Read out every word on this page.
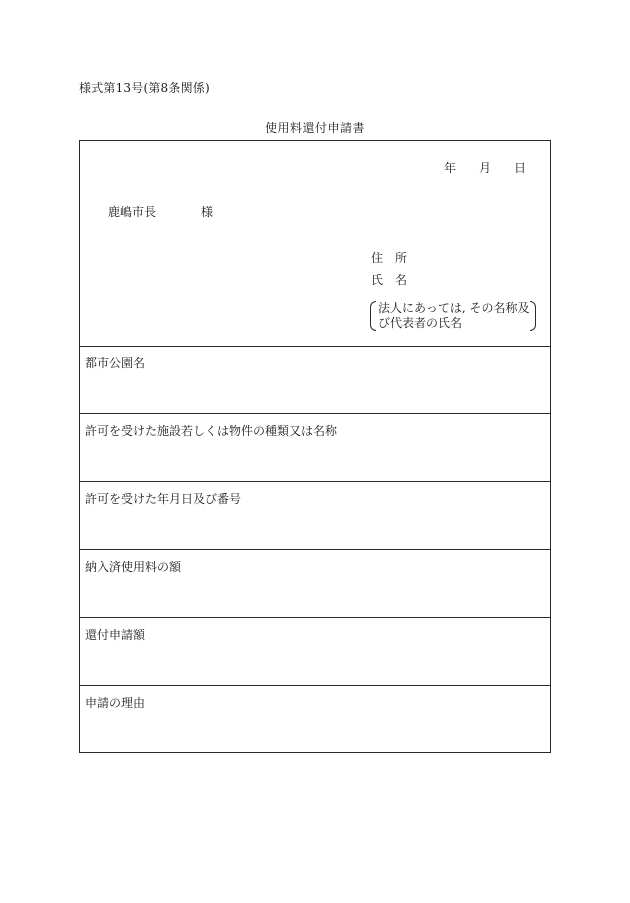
様式第13号(第8条関係)
使用料還付申請書
年 月 日
鹿嶋市長	様
住　所
氏　名
法人にあっては, その名称及
び代表者の氏名
都市公園名
許可を受けた施設若しくは物件の種類又は名称
許可を受けた年月日及び番号
納入済使用料の額
還付申請額
申請の理由
